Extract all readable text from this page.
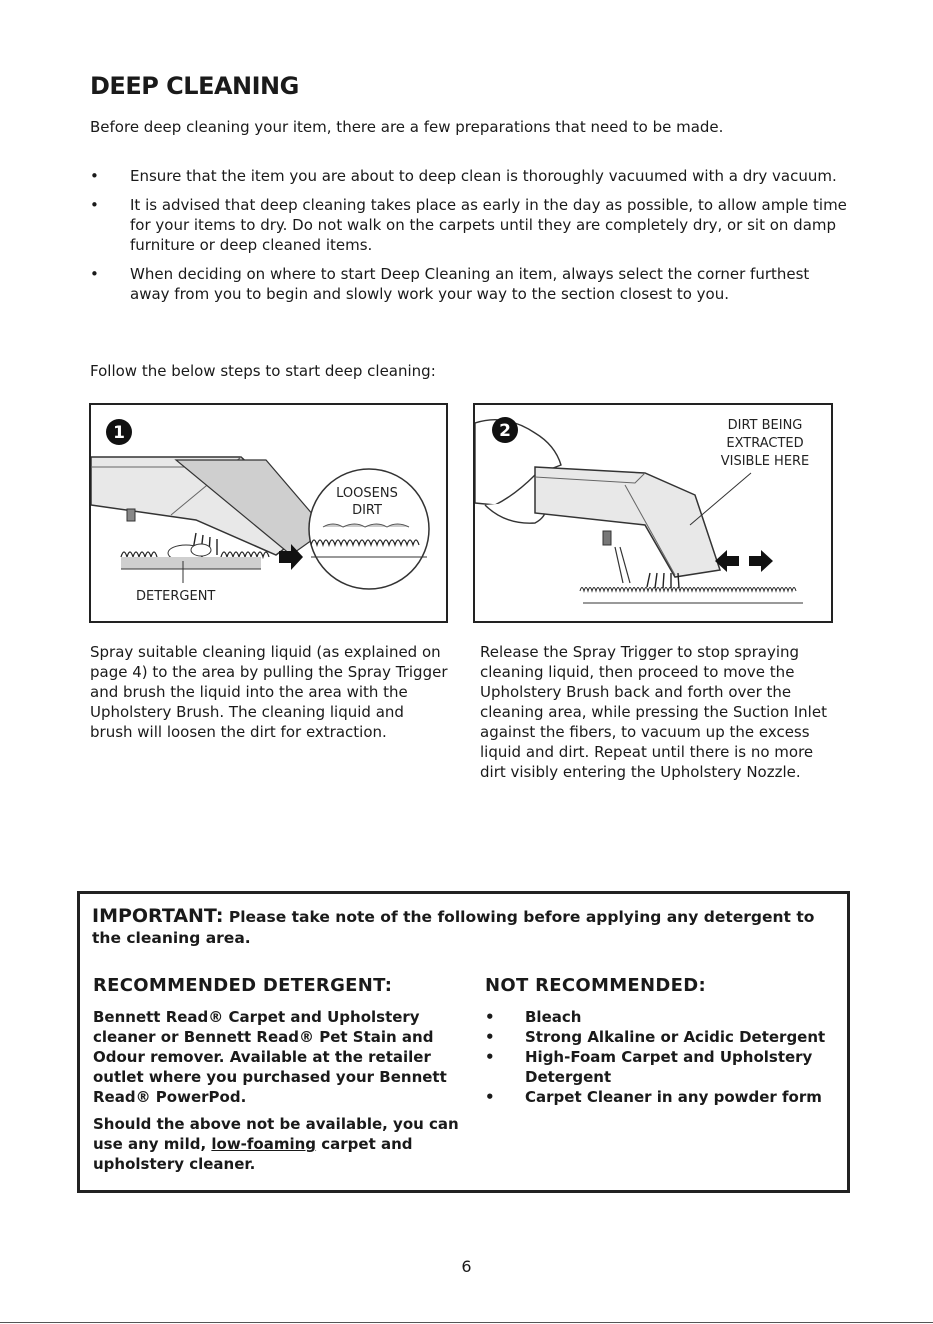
DEEP CLEANING
Before deep cleaning your item, there are a few preparations that need to be made.
• Ensure that the item you are about to deep clean is thoroughly vacuumed with a dry vacuum.
• It is advised that deep cleaning takes place as early in the day as possible, to allow ample time for your items to dry. Do not walk on the carpets until they are completely dry, or sit on damp furniture or deep cleaned items.
• When deciding on where to start Deep Cleaning an item, always select the corner furthest away from you to begin and slowly work your way to the section closest to you.
Follow the below steps to start deep cleaning:
1
DETERGENT
LOOSENS
DIRT
2	DIRT BEING
EXTRACTED
VISIBLE HERE
Spray suitable cleaning liquid (as explained on page 4) to the area by pulling the Spray Trigger and brush the liquid into the area with the Upholstery Brush. The cleaning liquid and brush will loosen the dirt for extraction.
Release the Spray Trigger to stop spraying cleaning liquid, then proceed to move the Upholstery Brush back and forth over the cleaning area, while pressing the Suction Inlet against the fibers, to vacuum up the excess liquid and dirt. Repeat until there is no more dirt visibly entering the Upholstery Nozzle.
IMPORTANT: Please take note of the following before applying any detergent to the cleaning area.
RECOMMENDED DETERGENT:
Bennett Read® Carpet and Upholstery cleaner or Bennett Read® Pet Stain and Odour remover. Available at the retailer outlet where you purchased your Bennett Read® PowerPod.
Should the above not be available, you can use any mild, low-foaming carpet and upholstery cleaner.
NOT RECOMMENDED:
• Bleach
• Strong Alkaline or Acidic Detergent
• High-Foam Carpet and Upholstery Detergent
• Carpet Cleaner in any powder form
6
